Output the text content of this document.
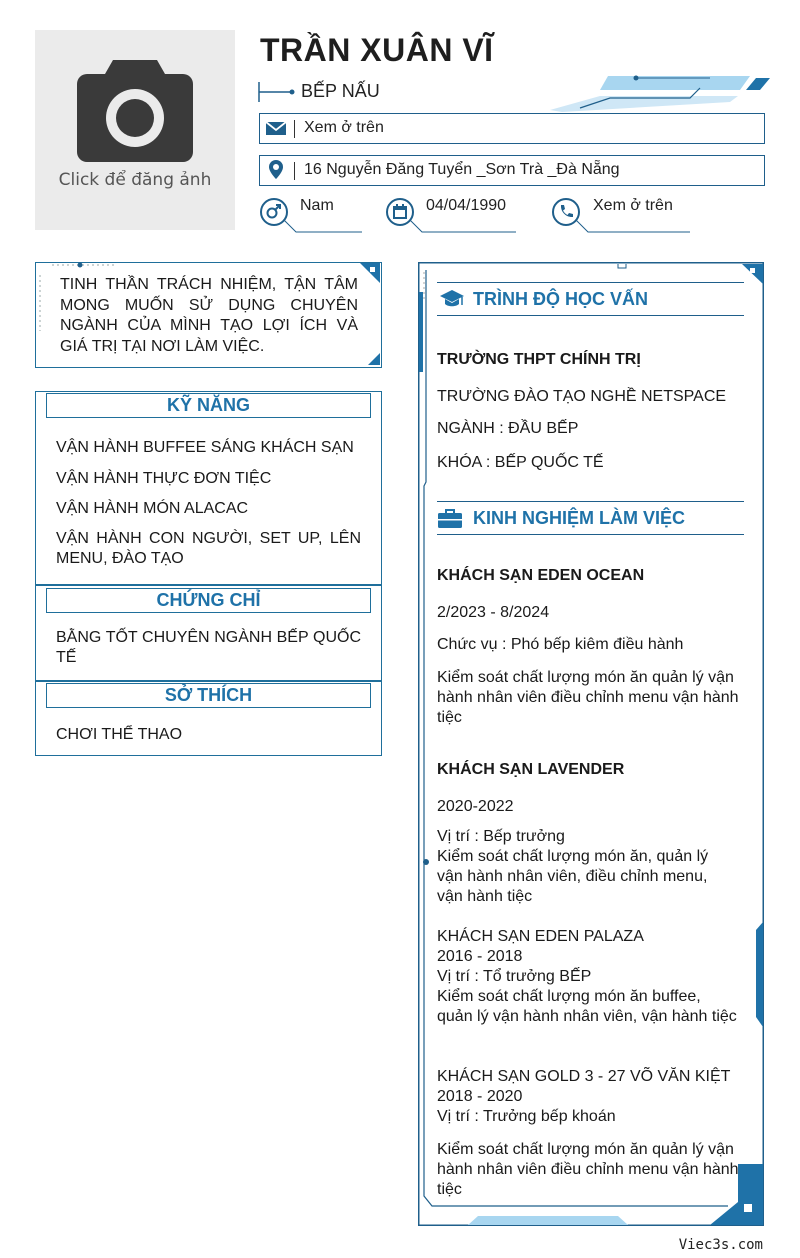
Click để đăng ảnh
TRẦN XUÂN VĨ
BẾP NẤU
Xem ở trên
16 Nguyễn Đăng Tuyển _Sơn Trà _Đà Nẵng
Nam	04/04/1990	Xem ở trên
TINH THẦN TRÁCH NHIỆM, TẬN TÂM MONG MUỐN SỬ DỤNG CHUYÊN NGÀNH CỦA MÌNH TẠO LỢI ÍCH VÀ GIÁ TRỊ TẠI NƠI LÀM VIỆC.
KỸ NĂNG
VẬN HÀNH BUFFEE SÁNG KHÁCH SẠN
VẬN HÀNH THỰC ĐƠN TIỆC
VẬN HÀNH MÓN ALACAC
VẬN HÀNH CON NGƯỜI, SET UP, LÊN MENU, ĐÀO TẠO
CHỨNG CHỈ
BẰNG TỐT CHUYÊN NGÀNH BẾP QUỐC TẾ
SỞ THÍCH
CHƠI THỂ THAO
TRÌNH ĐỘ HỌC VẤN
TRƯỜNG THPT CHÍNH TRỊ
TRƯỜNG ĐÀO TẠO NGHỀ NETSPACE
NGÀNH : ĐẦU BẾP
KHÓA : BẾP QUỐC TẾ
KINH NGHIỆM LÀM VIỆC
KHÁCH SẠN EDEN OCEAN
2/2023 - 8/2024
Chức vụ : Phó bếp kiêm điều hành
Kiểm soát chất lượng món ăn quản lý vận hành nhân viên điều chỉnh menu vận hành tiệc
KHÁCH SẠN LAVENDER
2020-2022
Vị trí : Bếp trưởng
Kiểm soát chất lượng món ăn, quản lý vận hành nhân viên, điều chỉnh menu, vận hành tiệc
KHÁCH SẠN EDEN PALAZA
2016 - 2018
Vị trí : Tổ trưởng BẾP
Kiểm soát chất lượng món ăn buffee, quản lý vận hành nhân viên, vận hành tiệc
KHÁCH SẠN GOLD 3 - 27 VÕ VĂN KIỆT
2018 - 2020
Vị trí : Trưởng bếp khoán
Kiểm soát chất lượng món ăn quản lý vận hành nhân viên điều chỉnh menu vận hành tiệc
Viec3s.com
